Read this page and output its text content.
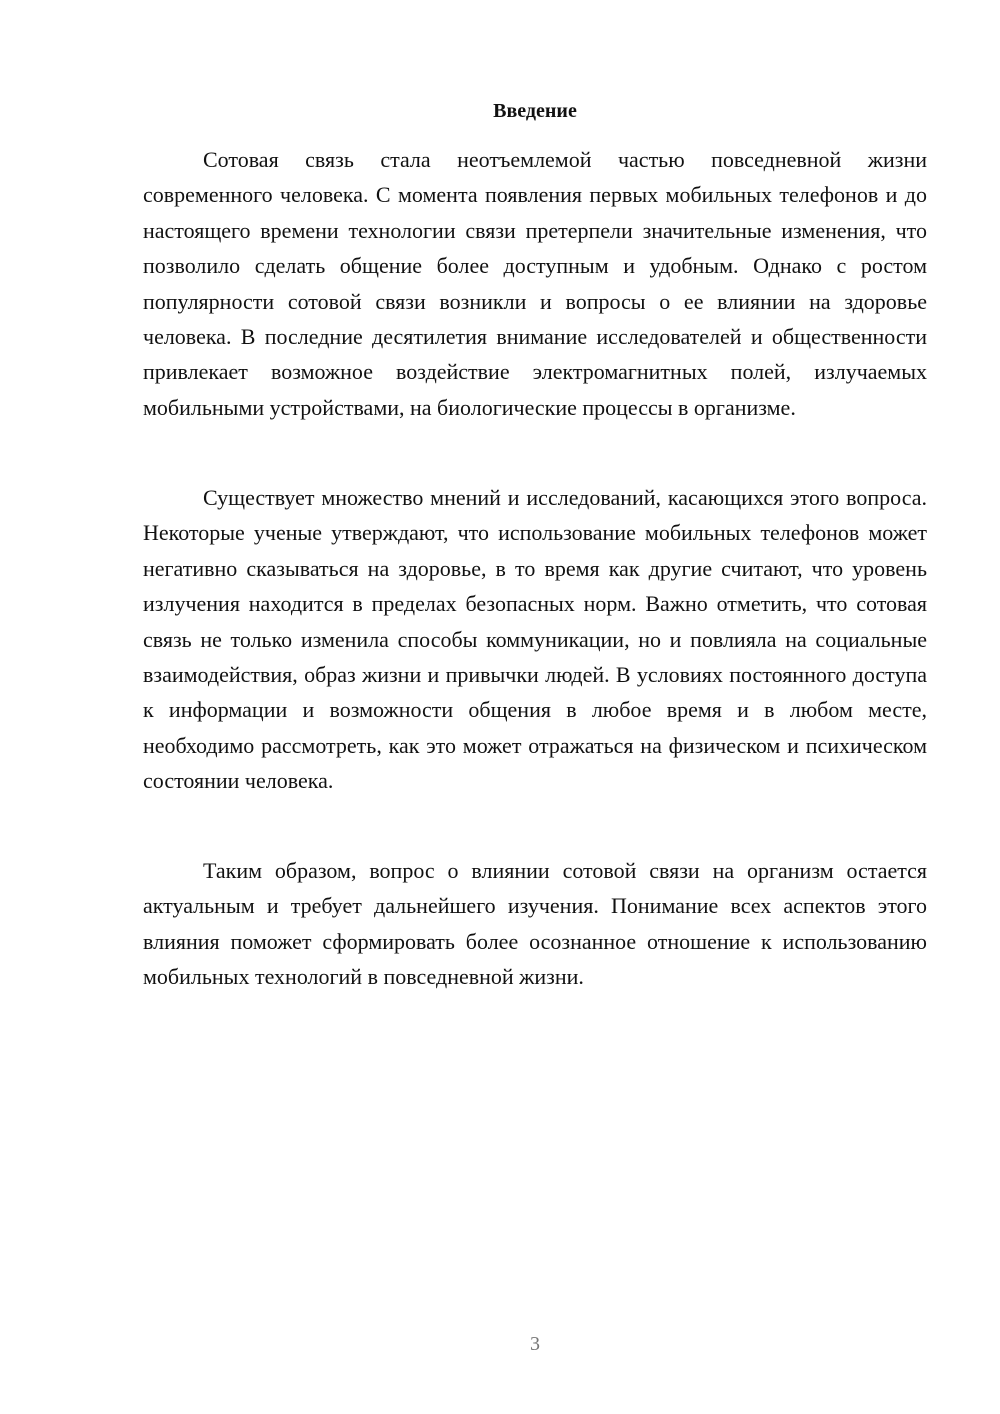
Введение

Сотовая связь стала неотъемлемой частью повседневной жизни современного человека. С момента появления первых мобильных телефонов и до настоящего времени технологии связи претерпели значительные изменения, что позволило сделать общение более доступным и удобным. Однако с ростом популярности сотовой связи возникли и вопросы о ее влиянии на здоровье человека. В последние десятилетия внимание исследователей и общественности привлекает возможное воздействие электромагнитных полей, излучаемых мобильными устройствами, на биологические процессы в организме.

Существует множество мнений и исследований, касающихся этого вопроса. Некоторые ученые утверждают, что использование мобильных телефонов может негативно сказываться на здоровье, в то время как другие считают, что уровень излучения находится в пределах безопасных норм. Важно отметить, что сотовая связь не только изменила способы коммуникации, но и повлияла на социальные взаимодействия, образ жизни и привычки людей. В условиях постоянного доступа к информации и возможности общения в любое время и в любом месте, необходимо рассмотреть, как это может отражаться на физическом и психическом состоянии человека.

Таким образом, вопрос о влиянии сотовой связи на организм остается актуальным и требует дальнейшего изучения. Понимание всех аспектов этого влияния поможет сформировать более осознанное отношение к использованию мобильных технологий в повседневной жизни.

3
